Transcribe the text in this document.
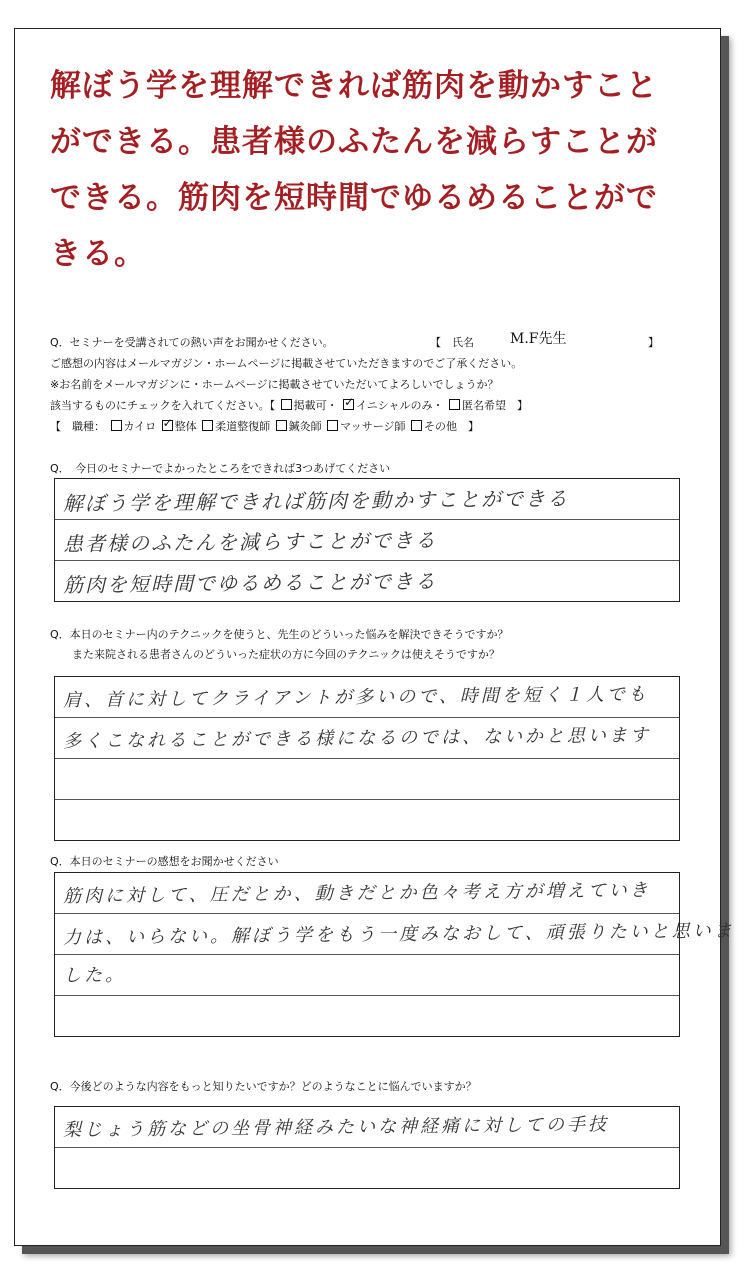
解ぼう学を理解できれば筋肉を動かすこと
ができる。患者様のふたんを減らすことが
できる。筋肉を短時間でゆるめることがで
きる。
Q．セミナーを受講されての熱い声をお聞かせください。	【　氏名	M.F先生	】
ご感想の内容はメールマガジン・ホームページに掲載させていただきますのでご了承ください。
※お名前をメールマガジンに・ホームページに掲載させていただいてよろしいでしょうか？
該当するものにチェックを入れてください。【 掲載可・ ✓ イニシャルのみ・ 匿名希望　】
【　職種： カイロ ✓ 整体 柔道整復師 鍼灸師 マッサージ師 その他　】
Q．　今日のセミナーでよかったところをできれば3つあげてください
解ぼう学を理解できれば筋肉を動かすことができる
患者様のふたんを減らすことができる
筋肉を短時間でゆるめることができる
Q．本日のセミナー内のテクニックを使うと、先生のどういった悩みを解決できそうですか？
　　また来院される患者さんのどういった症状の方に今回のテクニックは使えそうですか？
肩、首に対してクライアントが多いので、時間を短く１人でも
多くこなれることができる様になるのでは、ないかと思います
Q．本日のセミナーの感想をお聞かせください
筋肉に対して、圧だとか、動きだとか色々考え方が増えていき
力は、いらない。解ぼう学をもう一度みなおして、頑張りたいと思いま
した。
Q．今後どのような内容をもっと知りたいですか？どのようなことに悩んでいますか？
梨じょう筋などの坐骨神経みたいな神経痛に対しての手技
